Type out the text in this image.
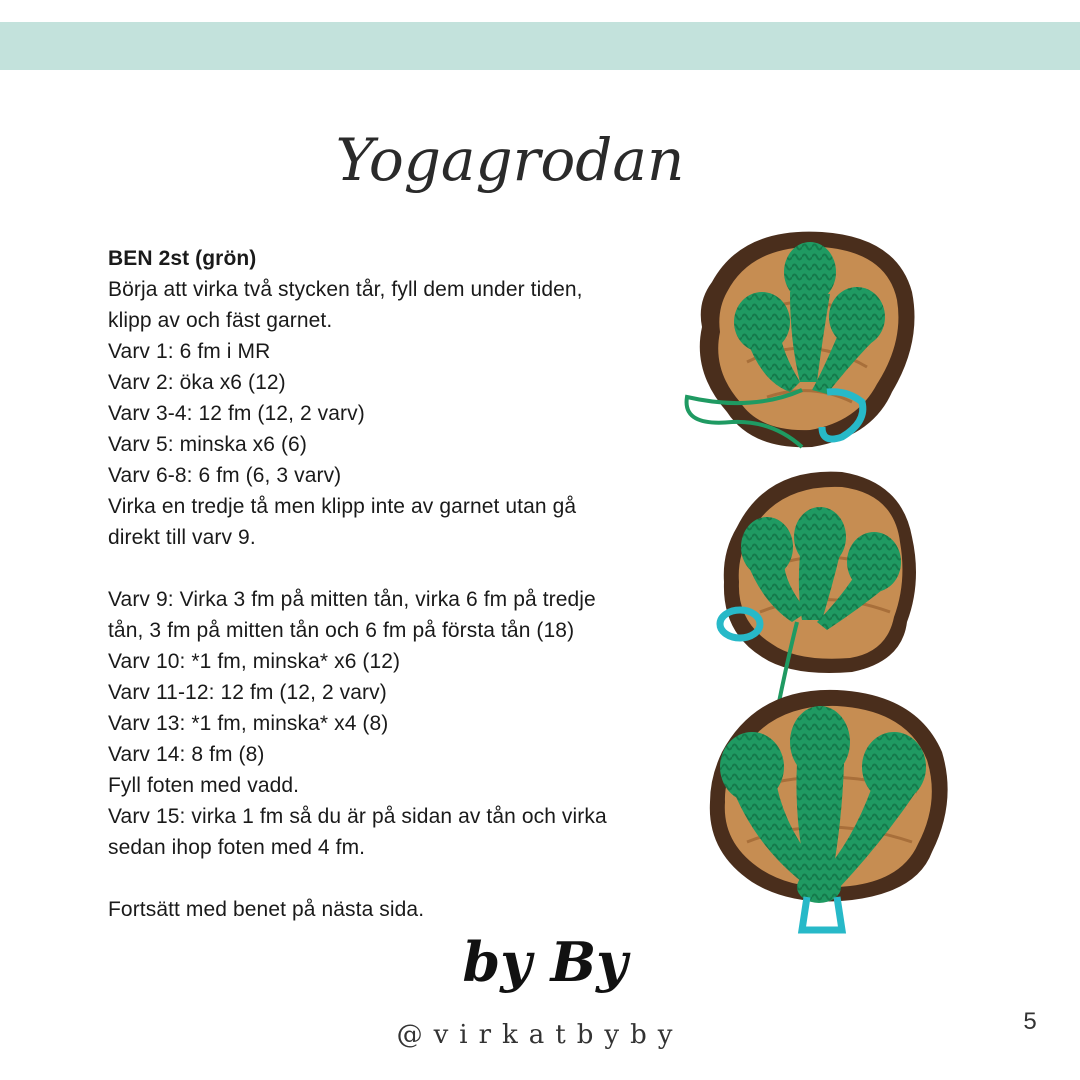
Yogagrodan
BEN 2st (grön)
Börja att virka två stycken tår, fyll dem under tiden,
klipp av och fäst garnet.
Varv 1: 6 fm i MR
Varv 2: öka x6 (12)
Varv 3-4: 12 fm (12, 2 varv)
Varv 5: minska x6 (6)
Varv 6-8: 6 fm (6, 3 varv)
Virka en tredje tå men klipp inte av garnet utan gå
direkt till varv 9.
Varv 9: Virka 3 fm på mitten tån, virka 6 fm på tredje
tån, 3 fm på mitten tån och 6 fm på första tån (18)
Varv 10: *1 fm, minska* x6 (12)
Varv 11-12: 12 fm (12, 2 varv)
Varv 13: *1 fm, minska* x4 (8)
Varv 14: 8 fm (8)
Fyll foten med vadd.
Varv 15: virka 1 fm så du är på sidan av tån och virka
sedan ihop foten med 4 fm.
Fortsätt med benet på nästa sida.
by By
@virkatbyby	5
